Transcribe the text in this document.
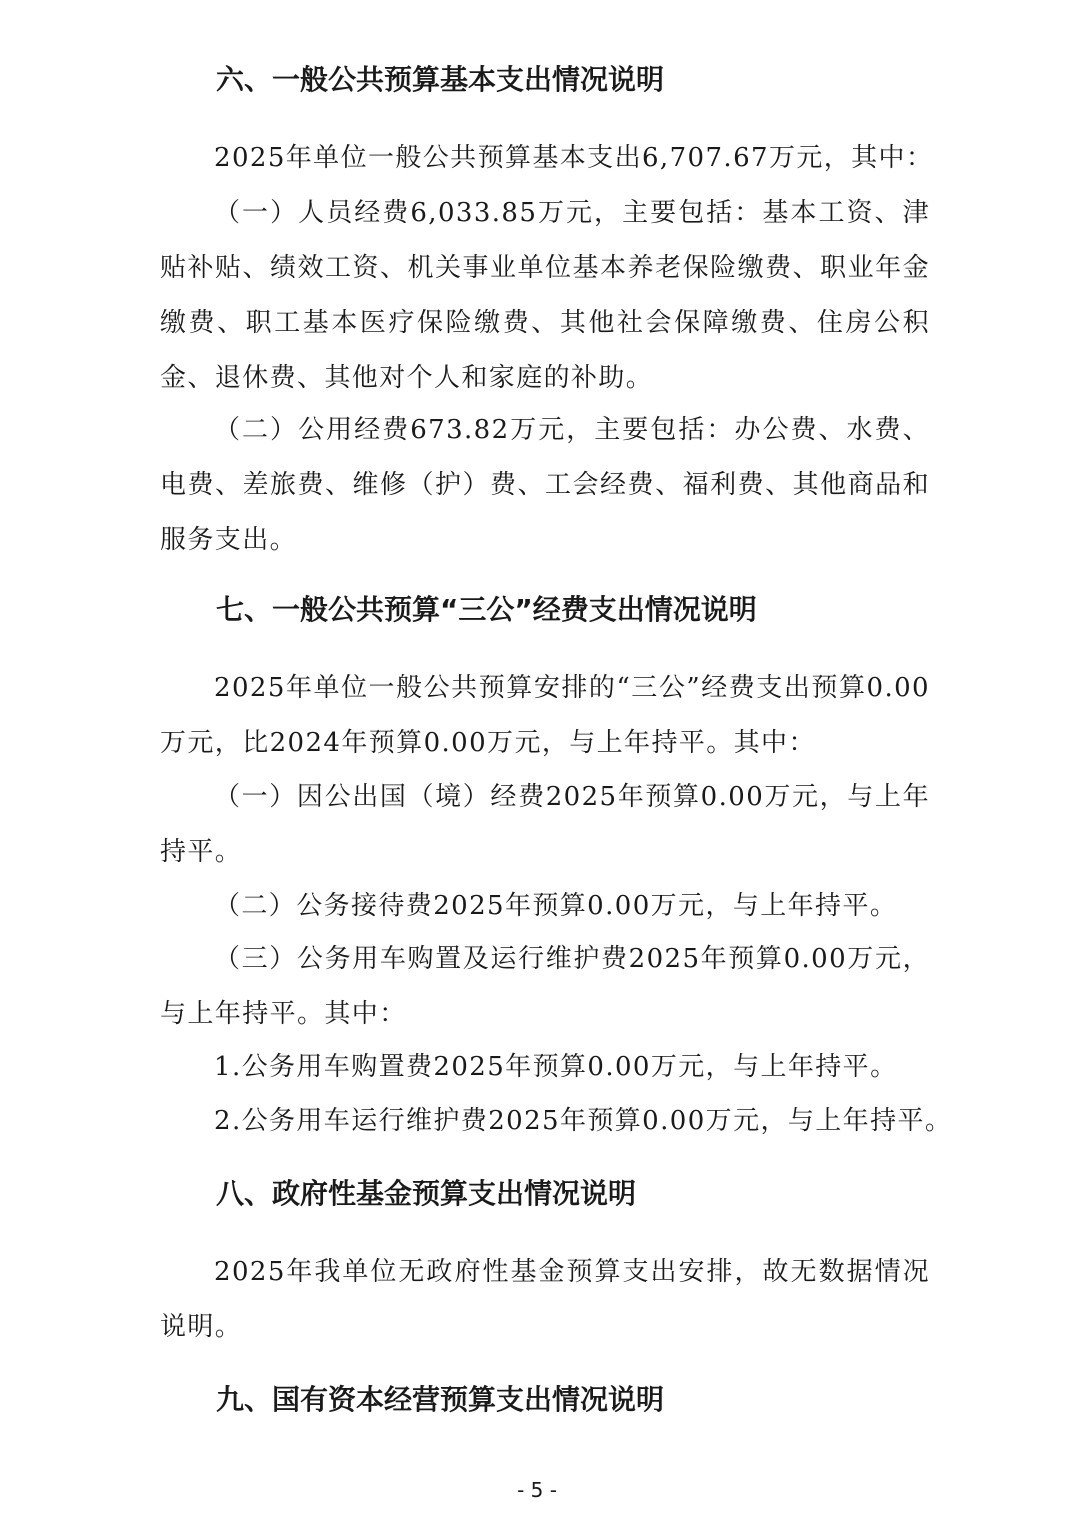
六、一般公共预算基本支出情况说明
2025年单位一般公共预算基本支出6,707.67万元，其中：
（一）人员经费6,033.85万元，主要包括：基本工资、津贴补贴、绩效工资、机关事业单位基本养老保险缴费、职业年金缴费、职工基本医疗保险缴费、其他社会保障缴费、住房公积金、退休费、其他对个人和家庭的补助。
（二）公用经费673.82万元，主要包括：办公费、水费、电费、差旅费、维修（护）费、工会经费、福利费、其他商品和服务支出。
七、一般公共预算“三公”经费支出情况说明
2025年单位一般公共预算安排的“三公”经费支出预算0.00万元，比2024年预算0.00万元，与上年持平。其中：
（一）因公出国（境）经费2025年预算0.00万元，与上年持平。
（二）公务接待费2025年预算0.00万元，与上年持平。
（三）公务用车购置及运行维护费2025年预算0.00万元，与上年持平。其中：
1.公务用车购置费2025年预算0.00万元，与上年持平。
2.公务用车运行维护费2025年预算0.00万元，与上年持平。
八、政府性基金预算支出情况说明
2025年我单位无政府性基金预算支出安排，故无数据情况说明。
九、国有资本经营预算支出情况说明
- 5 -
